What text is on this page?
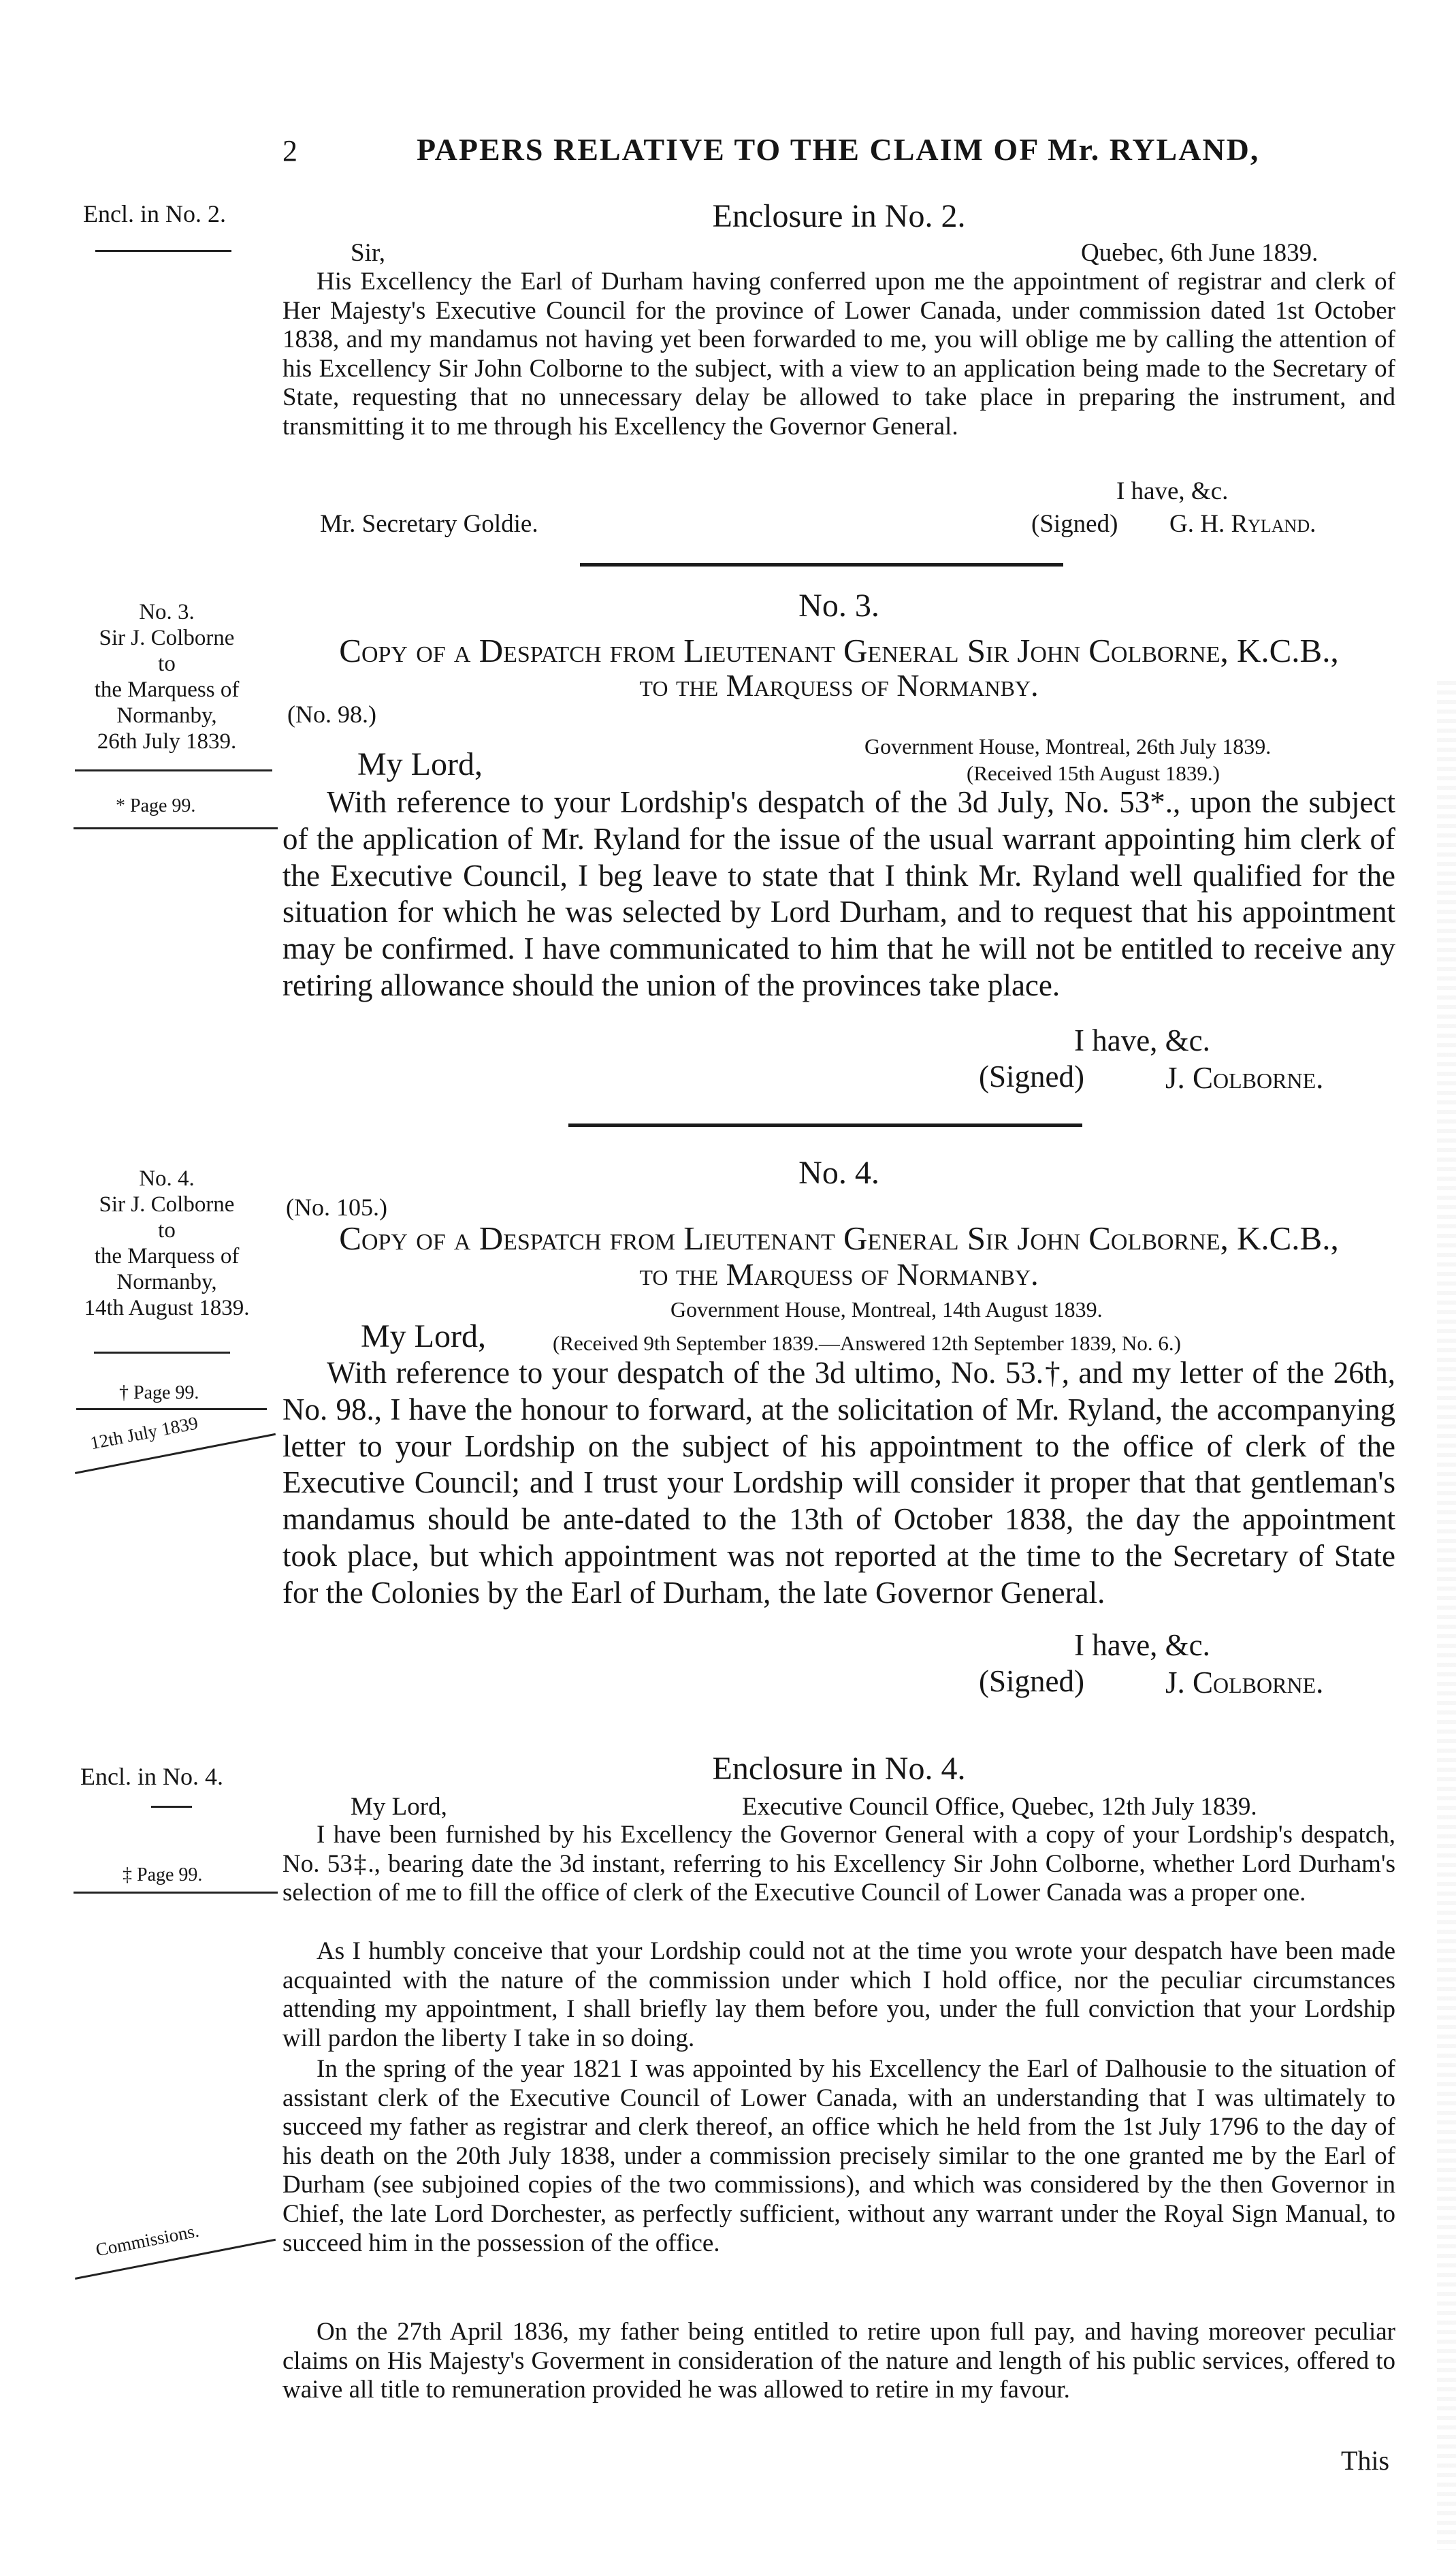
2	PAPERS RELATIVE TO THE CLAIM OF Mr. RYLAND,
Encl. in No. 2.	Enclosure in No. 2.
Sir,	Quebec, 6th June 1839.
His Excellency the Earl of Durham having conferred upon me the appointment of registrar and clerk of Her Majesty's Executive Council for the province of Lower Canada, under commission dated 1st October 1838, and my mandamus not having yet been forwarded to me, you will oblige me by calling the attention of his Excellency Sir John Colborne to the subject, with a view to an application being made to the Secretary of State, requesting that no unnecessary delay be allowed to take place in preparing the instrument, and transmitting it to me through his Excellency the Governor General.
I have, &c.
Mr. Secretary Goldie.	(Signed) G. H. Ryland.
No. 3.
Sir J. Colborne
to
the Marquess of
Normanby,
26th July 1839.
* Page 99.
No. 3.
Copy of a Despatch from Lieutenant General Sir John Colborne, K.C.B.,
to the Marquess of Normanby.
(No. 98.)
Government House, Montreal, 26th July 1839.
My Lord,	(Received 15th August 1839.)
With reference to your Lordship's despatch of the 3d July, No. 53*., upon the subject of the application of Mr. Ryland for the issue of the usual warrant appointing him clerk of the Executive Council, I beg leave to state that I think Mr. Ryland well qualified for the situation for which he was selected by Lord Durham, and to request that his appointment may be confirmed. I have communicated to him that he will not be entitled to receive any retiring allowance should the union of the provinces take place.
I have, &c.
(Signed)	J. Colborne.
No. 4.
Sir J. Colborne
to
the Marquess of
Normanby,
14th August 1839.
† Page 99.
12th July 1839
No. 4.
(No. 105.)
Copy of a Despatch from Lieutenant General Sir John Colborne, K.C.B.,
to the Marquess of Normanby.
Government House, Montreal, 14th August 1839.
My Lord,	(Received 9th September 1839.—Answered 12th September 1839, No. 6.)
With reference to your despatch of the 3d ultimo, No. 53.†, and my letter of the 26th, No. 98., I have the honour to forward, at the solicitation of Mr. Ryland, the accompanying letter to your Lordship on the subject of his appointment to the office of clerk of the Executive Council; and I trust your Lordship will consider it proper that that gentleman's mandamus should be ante-dated to the 13th of October 1838, the day the appointment took place, but which appointment was not reported at the time to the Secretary of State for the Colonies by the Earl of Durham, the late Governor General.
I have, &c.
(Signed)	J. Colborne.
Encl. in No. 4.
‡ Page 99.
Commissions.
Enclosure in No. 4.
My Lord,	Executive Council Office, Quebec, 12th July 1839.
I have been furnished by his Excellency the Governor General with a copy of your Lordship's despatch, No. 53‡., bearing date the 3d instant, referring to his Excellency Sir John Colborne, whether Lord Durham's selection of me to fill the office of clerk of the Executive Council of Lower Canada was a proper one.
As I humbly conceive that your Lordship could not at the time you wrote your despatch have been made acquainted with the nature of the commission under which I hold office, nor the peculiar circumstances attending my appointment, I shall briefly lay them before you, under the full conviction that your Lordship will pardon the liberty I take in so doing.
In the spring of the year 1821 I was appointed by his Excellency the Earl of Dalhousie to the situation of assistant clerk of the Executive Council of Lower Canada, with an understanding that I was ultimately to succeed my father as registrar and clerk thereof, an office which he held from the 1st July 1796 to the day of his death on the 20th July 1838, under a commission precisely similar to the one granted me by the Earl of Durham (see subjoined copies of the two commissions), and which was considered by the then Governor in Chief, the late Lord Dorchester, as perfectly sufficient, without any warrant under the Royal Sign Manual, to succeed him in the possession of the office.
On the 27th April 1836, my father being entitled to retire upon full pay, and having moreover peculiar claims on His Majesty's Goverment in consideration of the nature and length of his public services, offered to waive all title to remuneration provided he was allowed to retire in my favour.
This
